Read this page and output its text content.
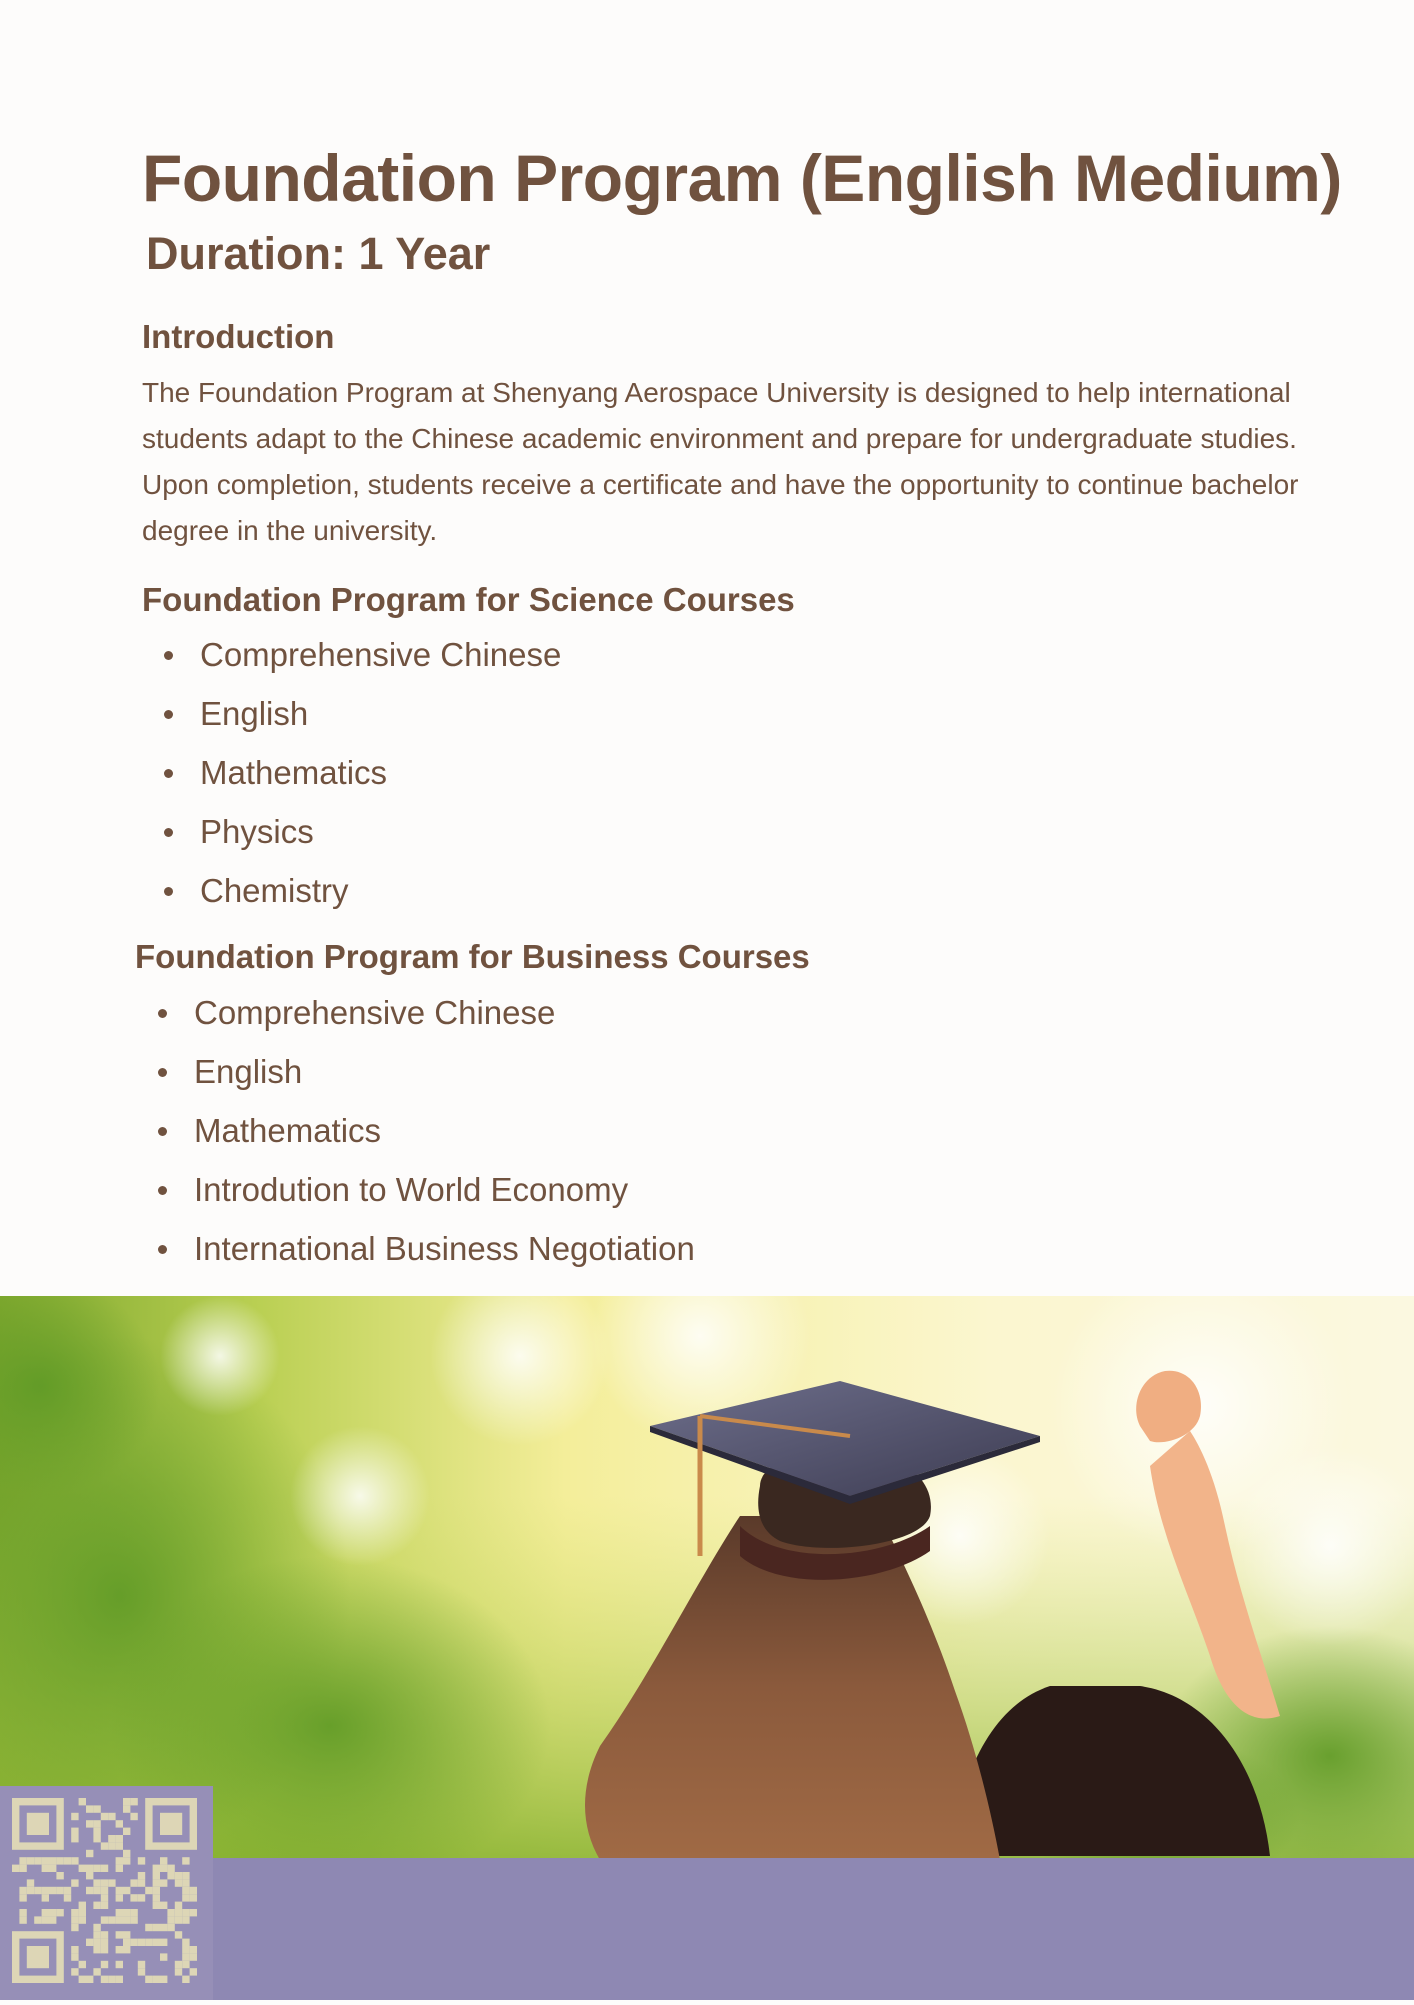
Foundation Program (English Medium)
Duration: 1 Year
Introduction

The Foundation Program at Shenyang Aerospace University is designed to help international students adapt to the Chinese academic environment and prepare for undergraduate studies. Upon completion, students receive a certificate and have the opportunity to continue bachelor degree in the university.

Foundation Program for Science Courses
Comprehensive Chinese
English
Mathematics
Physics
Chemistry
Foundation Program for Business Courses
Comprehensive Chinese
English
Mathematics
Introdution to World Economy
International Business Negotiation
